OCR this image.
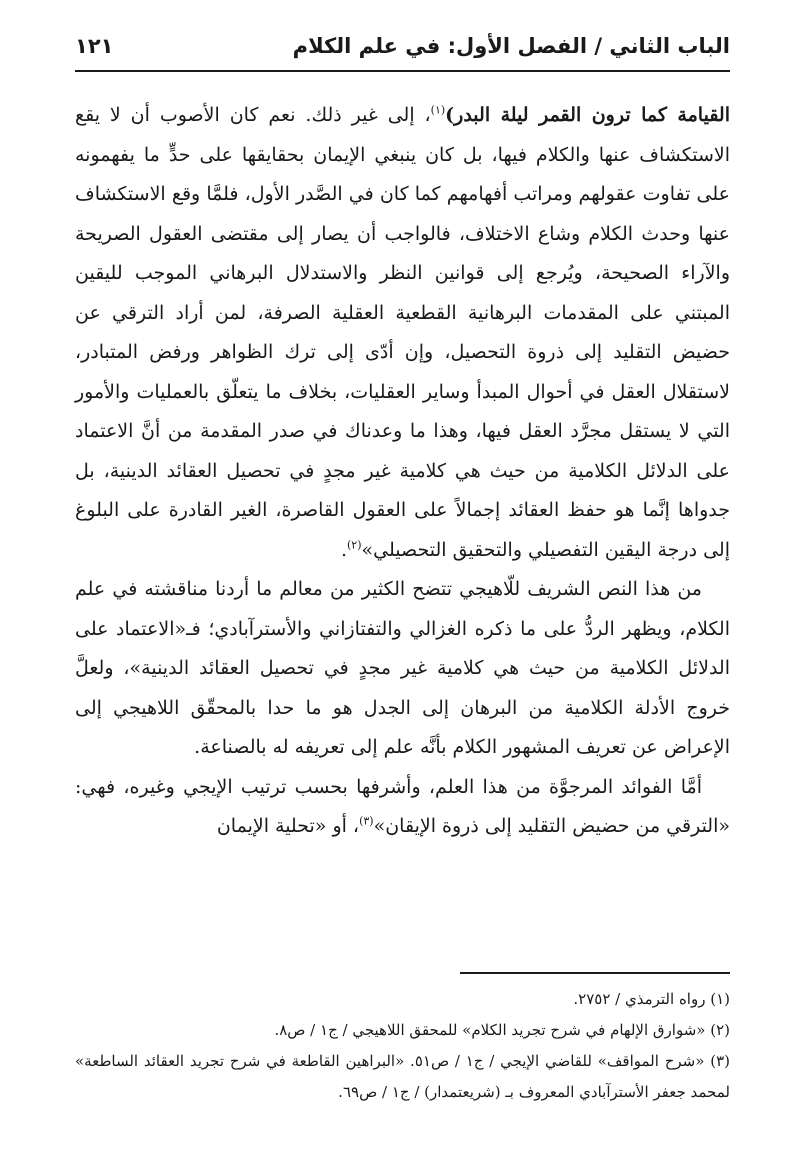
الباب الثاني / الفصل الأول: في علم الكلام
١٢١

القيامة كما ترون القمر ليلة البدر)$^{(١)}$، إلى غير ذلك. نعم كان الأصوب أن لا يقع الاستكشاف عنها والكلام فيها، بل كان ينبغي الإيمان بحقايقها على حدٍّ ما يفهمونه على تفاوت عقولهم ومراتب أفهامهم كما كان في الصَّدر الأول، فلمَّا وقع الاستكشاف عنها وحدث الكلام وشاع الاختلاف، فالواجب أن يصار إلى مقتضى العقول الصريحة والآراء الصحيحة، ويُرجع إلى قوانين النظر والاستدلال البرهاني الموجب لليقين المبتني على المقدمات البرهانية القطعية العقلية الصرفة، لمن أراد الترقي عن حضيض التقليد إلى ذروة التحصيل، وإن أدّى إلى ترك الظواهر ورفض المتبادر، لاستقلال العقل في أحوال المبدأ وساير العقليات، بخلاف ما يتعلّق بالعمليات والأمور التي لا يستقل مجرَّد العقل فيها، وهذا ما وعدناك في صدر المقدمة من أنَّ الاعتماد على الدلائل الكلامية من حيث هي كلامية غير مجدٍ في تحصيل العقائد الدينية، بل جدواها إنَّما هو حفظ العقائد إجمالاً على العقول القاصرة، الغير القادرة على البلوغ إلى درجة اليقين التفصيلي والتحقيق التحصيلي»$^{(٢)}$.

من هذا النص الشريف للّاهيجي تتضح الكثير من معالم ما أردنا مناقشته في علم الكلام، ويظهر الردُّ على ما ذكره الغزالي والتفتازاني والأسترآبادي؛ فـ«الاعتماد على الدلائل الكلامية من حيث هي كلامية غير مجدٍ في تحصيل العقائد الدينية»، ولعلَّ خروج الأدلة الكلامية من البرهان إلى الجدل هو ما حدا بالمحقّق اللاهيجي إلى الإعراض عن تعريف المشهور الكلام بأنَّه علم إلى تعريفه له بالصناعة.

أمَّا الفوائد المرجوَّة من هذا العلم، وأشرفها بحسب ترتيب الإيجي وغيره، فهي: «الترقي من حضيض التقليد إلى ذروة الإيقان»$^{(٣)}$، أو «تحلية الإيمان

(١) رواه الترمذي / ٢٧٥٢.

(٢) «شوارق الإلهام في شرح تجريد الكلام» للمحقق اللاهيجي / ج١ / ص٨.

(٣) «شرح المواقف» للقاضي الإيجي / ج١ / ص٥١. «البراهين القاطعة في شرح تجريد العقائد الساطعة» لمحمد جعفر الأسترآبادي المعروف بـ (شريعتمدار) / ج١ / ص٦٩.
